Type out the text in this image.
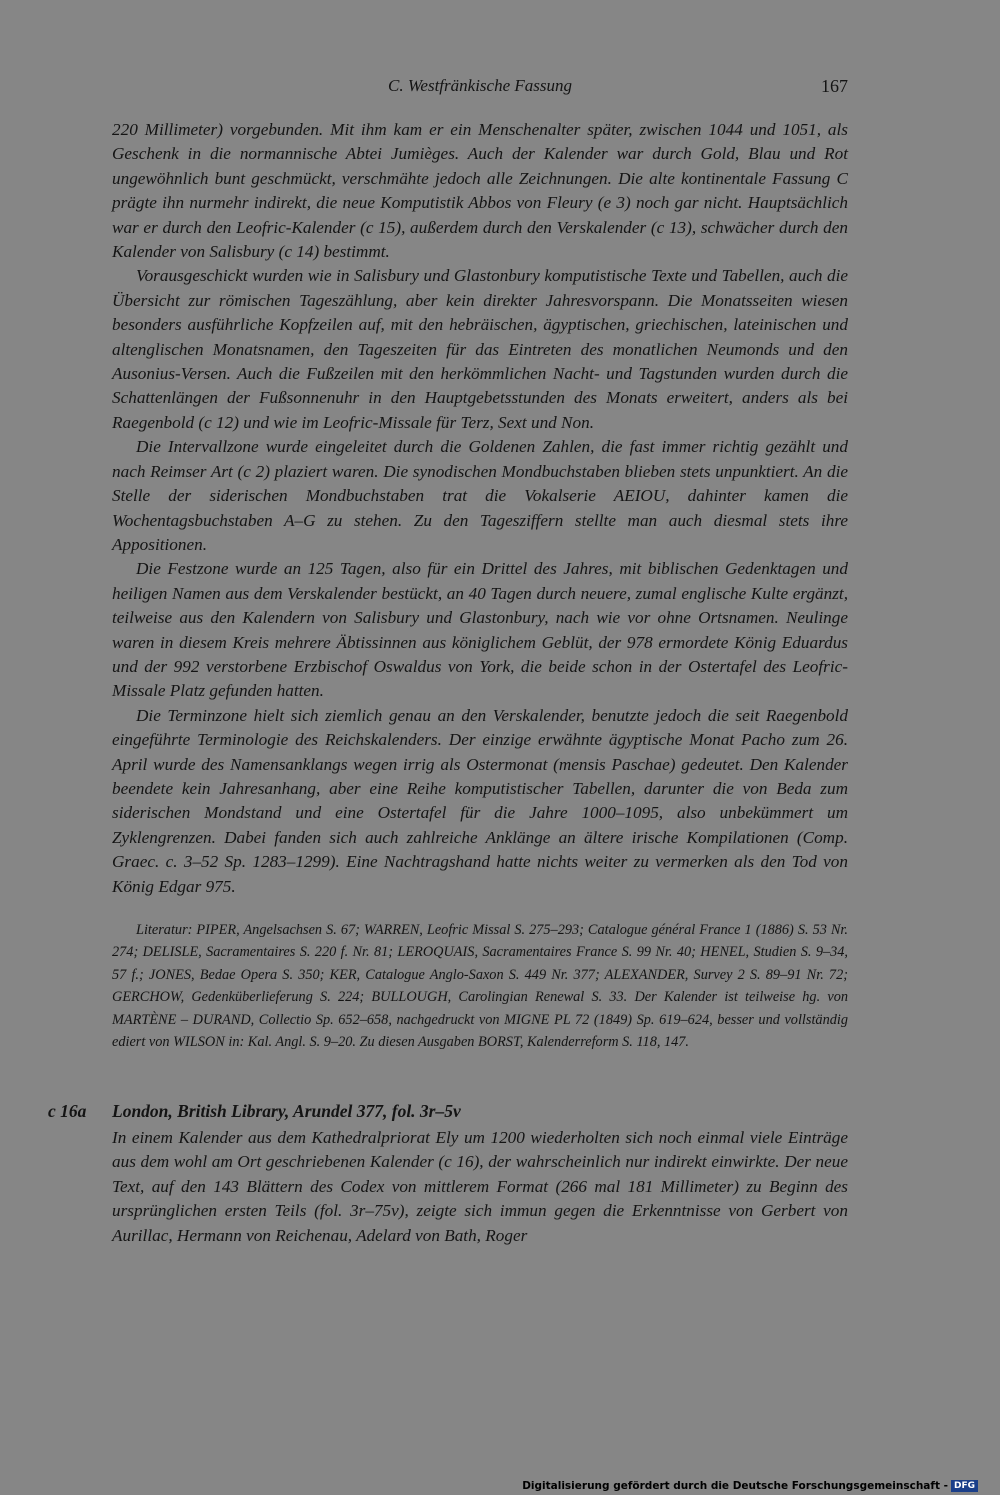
C. Westfränkische Fassung	167

220 Millimeter) vorgebunden. Mit ihm kam er ein Menschenalter später, zwischen 1044 und 1051, als Geschenk in die normannische Abtei Jumièges. Auch der Kalender war durch Gold, Blau und Rot ungewöhnlich bunt geschmückt, verschmähte jedoch alle Zeichnungen. Die alte kontinentale Fassung C prägte ihn nurmehr indirekt, die neue Komputistik Abbos von Fleury (e 3) noch gar nicht. Hauptsächlich war er durch den Leofric-Kalender (c 15), außerdem durch den Verskalender (c 13), schwächer durch den Kalender von Salisbury (c 14) bestimmt.

Vorausgeschickt wurden wie in Salisbury und Glastonbury komputistische Texte und Tabellen, auch die Übersicht zur römischen Tageszählung, aber kein direkter Jahresvorspann. Die Monatsseiten wiesen besonders ausführliche Kopfzeilen auf, mit den hebräischen, ägyptischen, griechischen, lateinischen und altenglischen Monatsnamen, den Tageszeiten für das Eintreten des monatlichen Neumonds und den Ausonius-Versen. Auch die Fußzeilen mit den herkömmlichen Nacht- und Tagstunden wurden durch die Schattenlängen der Fußsonnenuhr in den Hauptgebetsstunden des Monats erweitert, anders als bei Raegenbold (c 12) und wie im Leofric-Missale für Terz, Sext und Non.

Die Intervallzone wurde eingeleitet durch die Goldenen Zahlen, die fast immer richtig gezählt und nach Reimser Art (c 2) plaziert waren. Die synodischen Mondbuchstaben blieben stets unpunktiert. An die Stelle der siderischen Mondbuchstaben trat die Vokalserie AEIOU, dahinter kamen die Wochentagsbuchstaben A–G zu stehen. Zu den Tagesziffern stellte man auch diesmal stets ihre Appositionen.

Die Festzone wurde an 125 Tagen, also für ein Drittel des Jahres, mit biblischen Gedenktagen und heiligen Namen aus dem Verskalender bestückt, an 40 Tagen durch neuere, zumal englische Kulte ergänzt, teilweise aus den Kalendern von Salisbury und Glastonbury, nach wie vor ohne Ortsnamen. Neulinge waren in diesem Kreis mehrere Äbtissinnen aus königlichem Geblüt, der 978 ermordete König Eduardus und der 992 verstorbene Erzbischof Oswaldus von York, die beide schon in der Ostertafel des Leofric-Missale Platz gefunden hatten.

Die Terminzone hielt sich ziemlich genau an den Verskalender, benutzte jedoch die seit Raegenbold eingeführte Terminologie des Reichskalenders. Der einzige erwähnte ägyptische Monat Pacho zum 26. April wurde des Namensanklangs wegen irrig als Ostermonat (mensis Paschae) gedeutet. Den Kalender beendete kein Jahresanhang, aber eine Reihe komputistischer Tabellen, darunter die von Beda zum siderischen Mondstand und eine Ostertafel für die Jahre 1000–1095, also unbekümmert um Zyklengrenzen. Dabei fanden sich auch zahlreiche Anklänge an ältere irische Kompilationen (Comp. Graec. c. 3–52 Sp. 1283–1299). Eine Nachtragshand hatte nichts weiter zu vermerken als den Tod von König Edgar 975.

Literatur: PIPER, Angelsachsen S. 67; WARREN, Leofric Missal S. 275–293; Catalogue général France 1 (1886) S. 53 Nr. 274; DELISLE, Sacramentaires S. 220 f. Nr. 81; LEROQUAIS, Sacramentaires France S. 99 Nr. 40; HENEL, Studien S. 9–34, 57 f.; JONES, Bedae Opera S. 350; KER, Catalogue Anglo-Saxon S. 449 Nr. 377; ALEXANDER, Survey 2 S. 89–91 Nr. 72; GERCHOW, Gedenküberlieferung S. 224; BULLOUGH, Carolingian Renewal S. 33. Der Kalender ist teilweise hg. von MARTÈNE – DURAND, Collectio Sp. 652–658, nachgedruckt von MIGNE PL 72 (1849) Sp. 619–624, besser und vollständig ediert von WILSON in: Kal. Angl. S. 9–20. Zu diesen Ausgaben BORST, Kalenderreform S. 118, 147.
c 16a London, British Library, Arundel 377, fol. 3r–5v

In einem Kalender aus dem Kathedralpriorat Ely um 1200 wiederholten sich noch einmal viele Einträge aus dem wohl am Ort geschriebenen Kalender (c 16), der wahrscheinlich nur indirekt einwirkte. Der neue Text, auf den 143 Blättern des Codex von mittlerem Format (266 mal 181 Millimeter) zu Beginn des ursprünglichen ersten Teils (fol. 3r–75v), zeigte sich immun gegen die Erkenntnisse von Gerbert von Aurillac, Hermann von Reichenau, Adelard von Bath, Roger

Digitalisierung gefördert durch die Deutsche Forschungsgemeinschaft - DFG
